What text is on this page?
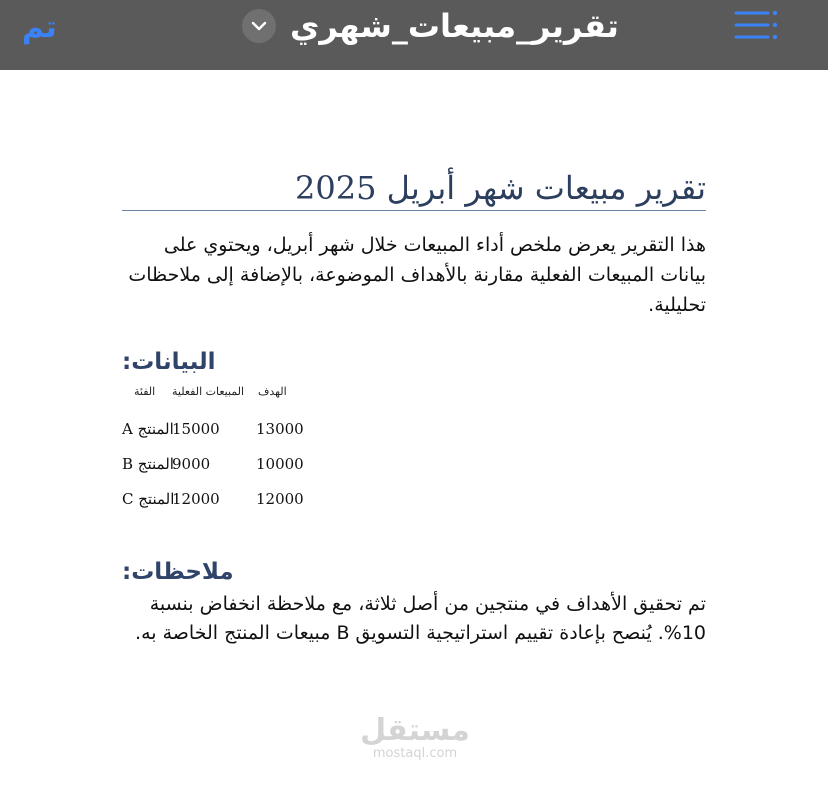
تم	تقرير_مبيعات_شهري
تقرير مبيعات شهر أبريل 2025
هذا التقرير يعرض ملخص أداء المبيعات خلال شهر أبريل، ويحتوي على بيانات المبيعات الفعلية مقارنة بالأهداف الموضوعة، بالإضافة إلى ملاحظات تحليلية.
البيانات:
الهدف
المبيعات الفعلية
الفئة
المنتج A
15000 13000
المنتج B
9000	10000
المنتج C
12000 12000
ملاحظات:
تم تحقيق الأهداف في منتجين من أصل ثلاثة، مع ملاحظة انخفاض بنسبة 10%. يُنصح بإعادة تقييم استراتيجية التسويق B مبيعات المنتج الخاصة به.
مستقل
mostaql.com
